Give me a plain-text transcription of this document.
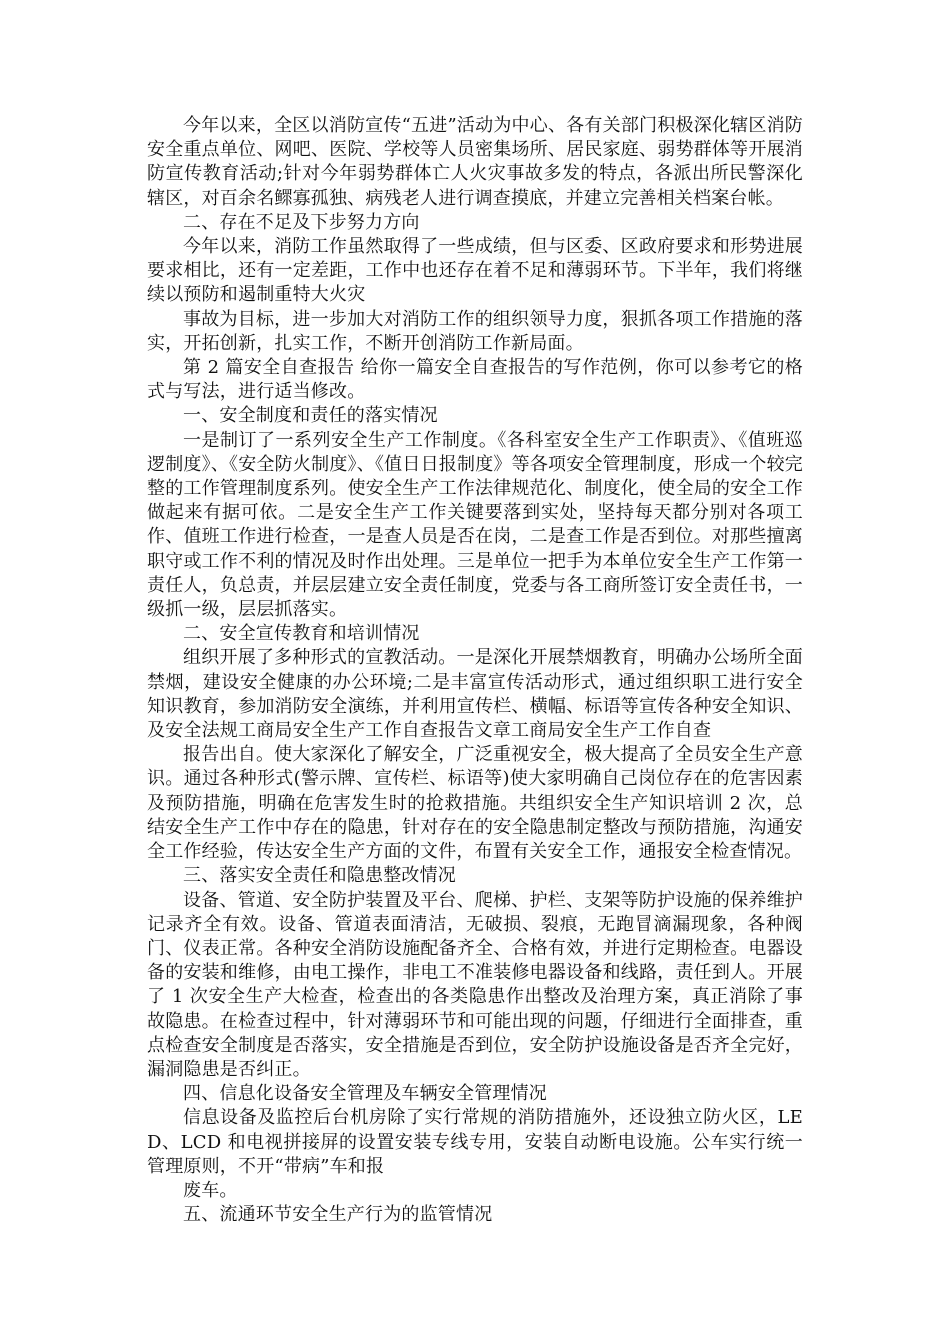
今年以来，全区以消防宣传“五进”活动为中心、各有关部门积极深化辖区消防安全重点单位、网吧、医院、学校等人员密集场所、居民家庭、弱势群体等开展消防宣传教育活动;针对今年弱势群体亡人火灾事故多发的特点，各派出所民警深化辖区，对百余名鳏寡孤独、病残老人进行调查摸底，并建立完善相关档案台帐。

二、存在不足及下步努力方向

今年以来，消防工作虽然取得了一些成绩，但与区委、区政府要求和形势进展要求相比，还有一定差距，工作中也还存在着不足和薄弱环节。下半年，我们将继续以预防和遏制重特大火灾

事故为目标，进一步加大对消防工作的组织领导力度，狠抓各项工作措施的落实，开拓创新，扎实工作，不断开创消防工作新局面。

第 2 篇安全自查报告 给你一篇安全自查报告的写作范例，你可以参考它的格式与写法，进行适当修改。

一、安全制度和责任的落实情况

一是制订了一系列安全生产工作制度。《各科室安全生产工作职责》、《值班巡逻制度》、《安全防火制度》、《值日日报制度》等各项安全管理制度，形成一个较完整的工作管理制度系列。使安全生产工作法律规范化、制度化，使全局的安全工作做起来有据可依。二是安全生产工作关键要落到实处，坚持每天都分别对各项工作、值班工作进行检查，一是查人员是否在岗，二是查工作是否到位。对那些擅离职守或工作不利的情况及时作出处理。三是单位一把手为本单位安全生产工作第一责任人，负总责，并层层建立安全责任制度，党委与各工商所签订安全责任书，一级抓一级，层层抓落实。

二、安全宣传教育和培训情况

组织开展了多种形式的宣教活动。一是深化开展禁烟教育，明确办公场所全面禁烟，建设安全健康的办公环境;二是丰富宣传活动形式，通过组织职工进行安全知识教育，参加消防安全演练，并利用宣传栏、横幅、标语等宣传各种安全知识、及安全法规工商局安全生产工作自查报告文章工商局安全生产工作自查

报告出自。使大家深化了解安全，广泛重视安全，极大提高了全员安全生产意识。通过各种形式(警示牌、宣传栏、标语等)使大家明确自己岗位存在的危害因素及预防措施，明确在危害发生时的抢救措施。共组织安全生产知识培训 2 次，总结安全生产工作中存在的隐患，针对存在的安全隐患制定整改与预防措施，沟通安全工作经验，传达安全生产方面的文件，布置有关安全工作，通报安全检查情况。

三、落实安全责任和隐患整改情况

设备、管道、安全防护装置及平台、爬梯、护栏、支架等防护设施的保养维护记录齐全有效。设备、管道表面清洁，无破损、裂痕，无跑冒滴漏现象，各种阀门、仪表正常。各种安全消防设施配备齐全、合格有效，并进行定期检查。电器设备的安装和维修，由电工操作，非电工不准装修电器设备和线路，责任到人。开展了 1 次安全生产大检查，检查出的各类隐患作出整改及治理方案，真正消除了事故隐患。在检查过程中，针对薄弱环节和可能出现的问题，仔细进行全面排查，重点检查安全制度是否落实，安全措施是否到位，安全防护设施设备是否齐全完好，漏洞隐患是否纠正。

四、信息化设备安全管理及车辆安全管理情况

信息设备及监控后台机房除了实行常规的消防措施外，还设独立防火区，LED、LCD 和电视拼接屏的设置安装专线专用，安装自动断电设施。公车实行统一管理原则，不开“带病”车和报

废车。

五、流通环节安全生产行为的监管情况
